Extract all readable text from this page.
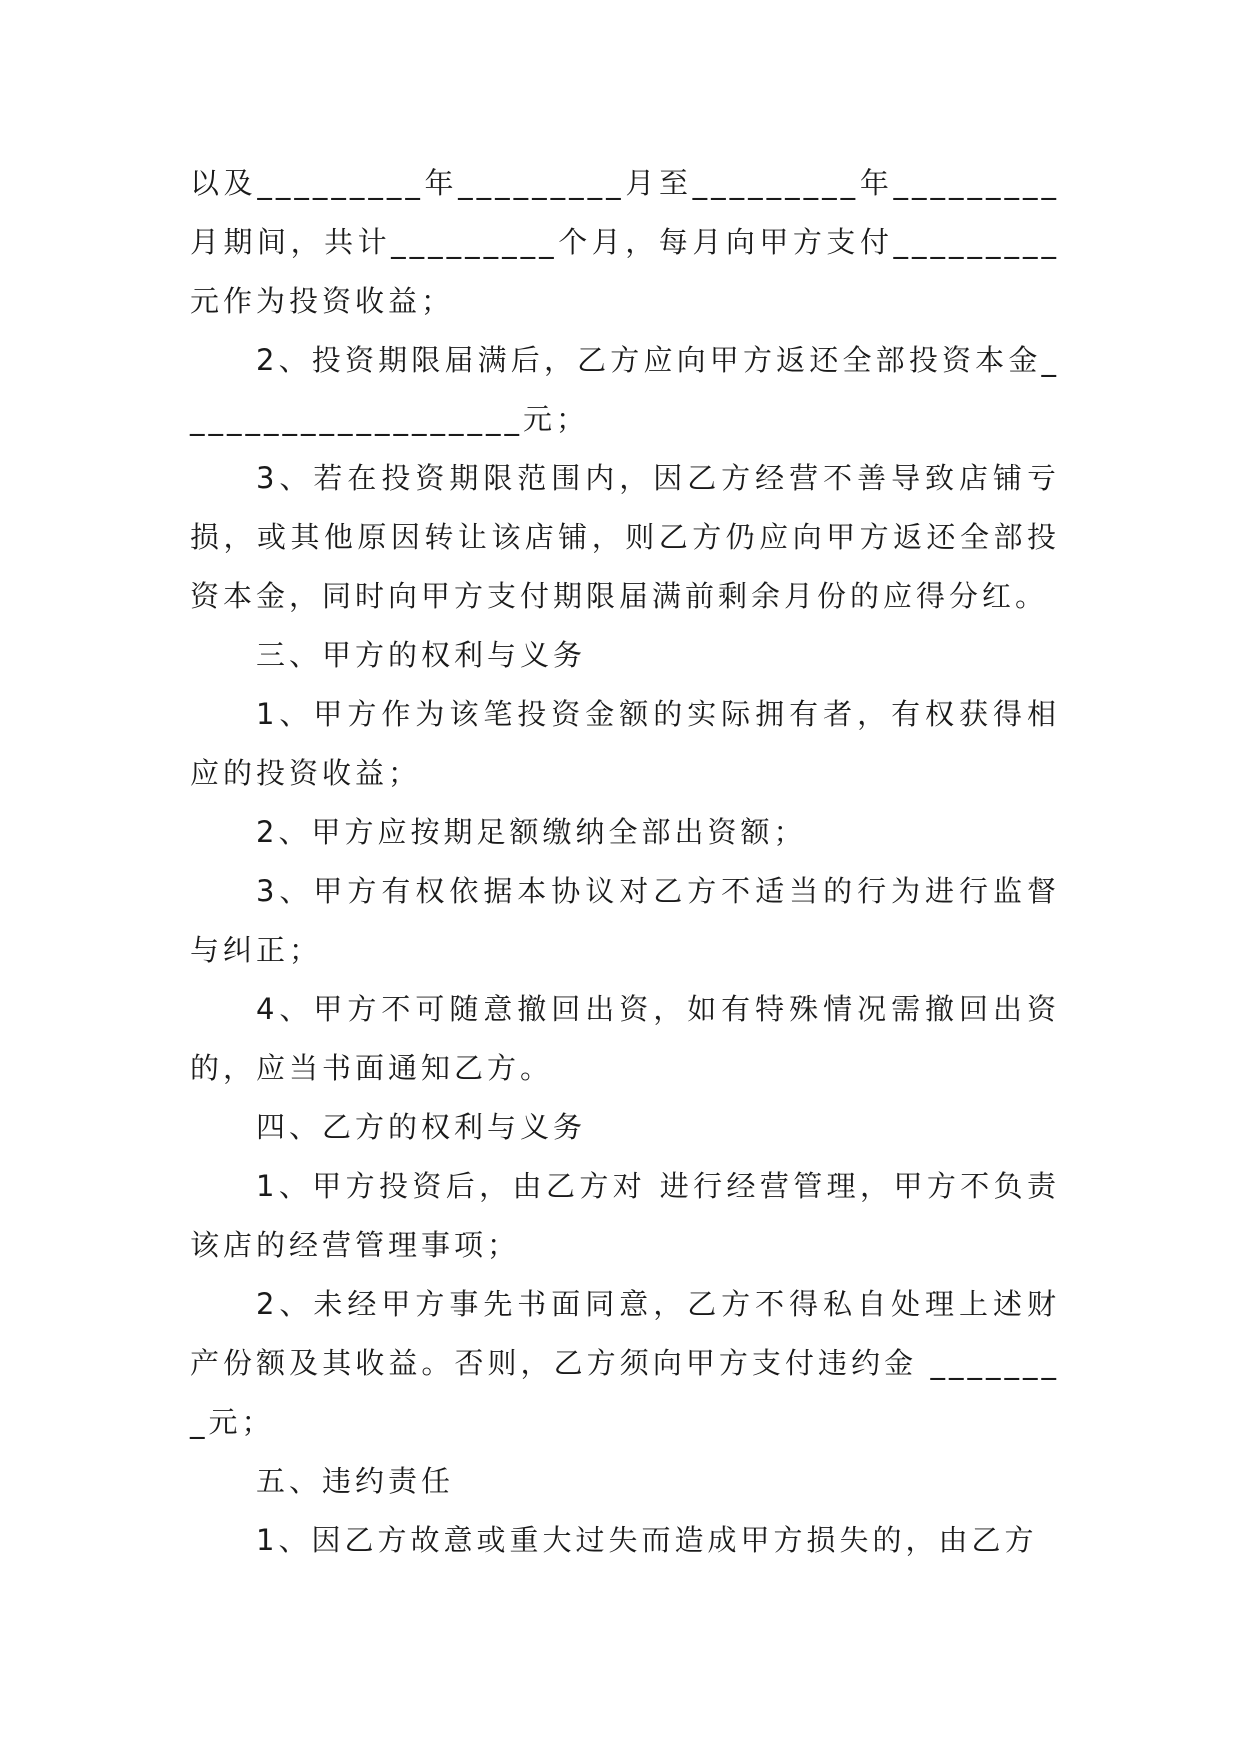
以及_________年_________月至_________年_________月期间，共计_________个月，每月向甲方支付_________元作为投资收益；

2、投资期限届满后，乙方应向甲方返还全部投资本金___________________元；

3、若在投资期限范围内，因乙方经营不善导致店铺亏损，或其他原因转让该店铺，则乙方仍应向甲方返还全部投资本金，同时向甲方支付期限届满前剩余月份的应得分红。

三、甲方的权利与义务

1、甲方作为该笔投资金额的实际拥有者，有权获得相应的投资收益；

2、甲方应按期足额缴纳全部出资额；

3、甲方有权依据本协议对乙方不适当的行为进行监督与纠正；

4、甲方不可随意撤回出资，如有特殊情况需撤回出资的，应当书面通知乙方。

四、乙方的权利与义务

1、甲方投资后，由乙方对 进行经营管理，甲方不负责该店的经营管理事项；

2、未经甲方事先书面同意，乙方不得私自处理上述财产份额及其收益。否则，乙方须向甲方支付违约金 ________元；

五、违约责任

1、因乙方故意或重大过失而造成甲方损失的，由乙方
